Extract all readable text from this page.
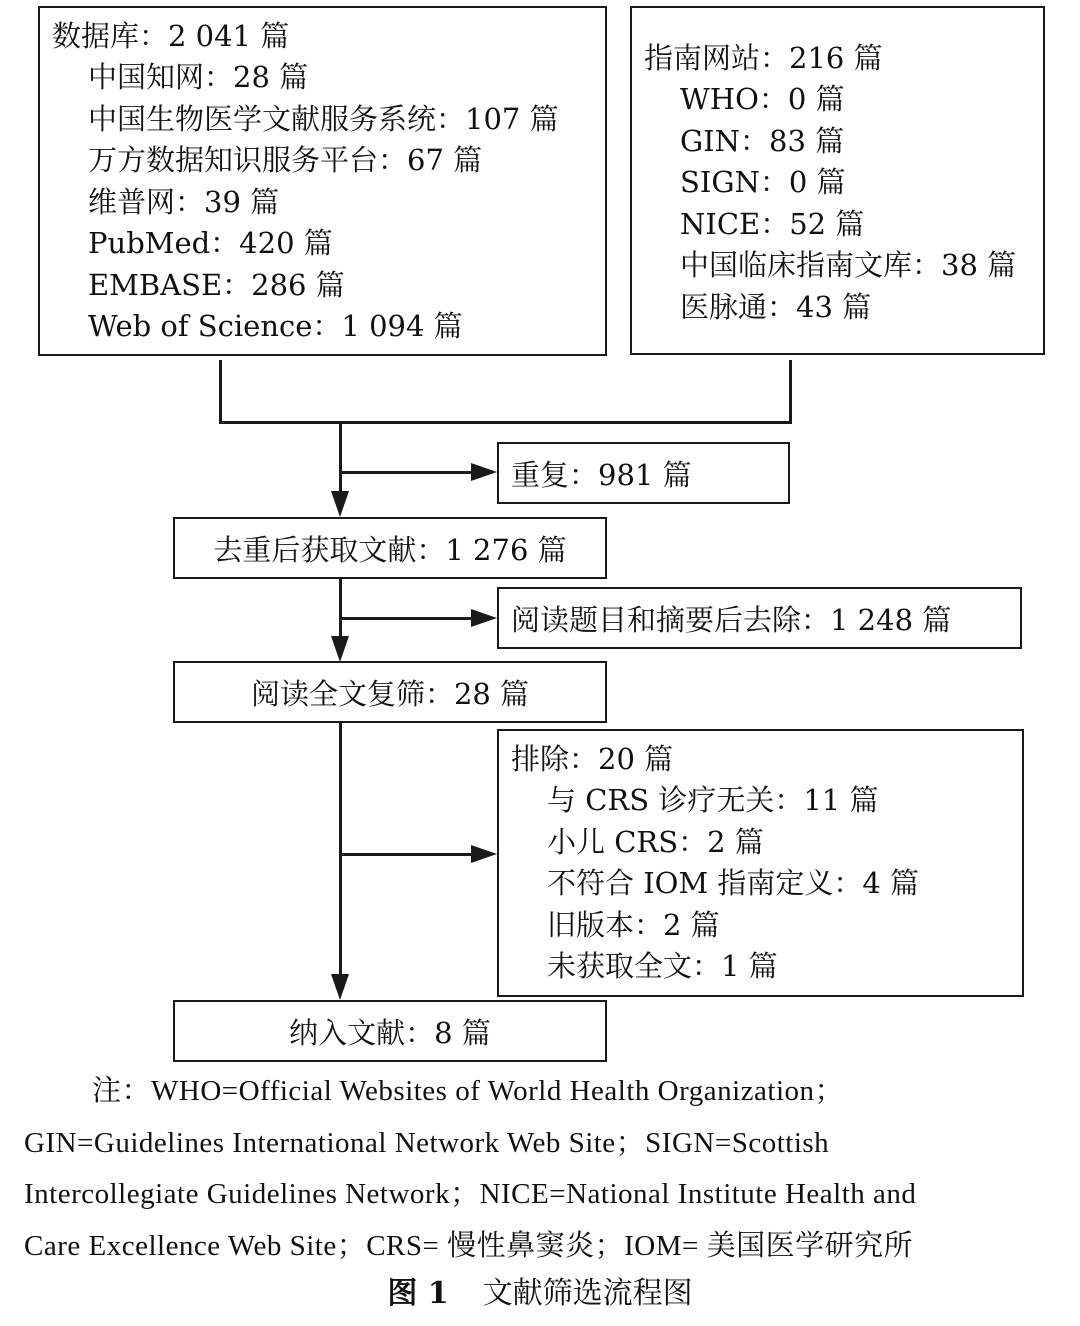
数据库：2 041 篇
中国知网：28 篇
中国生物医学文献服务系统：107 篇
万方数据知识服务平台：67 篇
维普网：39 篇
PubMed：420 篇
EMBASE：286 篇
Web of Science：1 094 篇
指南网站：216 篇
WHO：0 篇
GIN：83 篇
SIGN：0 篇
NICE：52 篇
中国临床指南文库：38 篇
医脉通：43 篇
重复：981 篇
去重后获取文献：1 276 篇
阅读题目和摘要后去除：1 248 篇
阅读全文复筛：28 篇
排除：20 篇
与 CRS 诊疗无关：11 篇
小儿 CRS：2 篇
不符合 IOM 指南定义：4 篇
旧版本：2 篇
未获取全文：1 篇
纳入文献：8 篇
注：WHO=Official Websites of World Health Organization；
GIN=Guidelines International Network Web Site；SIGN=Scottish
Intercollegiate Guidelines Network；NICE=National Institute Health and
Care Excellence Web Site；CRS= 慢性鼻窦炎；IOM= 美国医学研究所
图 1 文献筛选流程图
